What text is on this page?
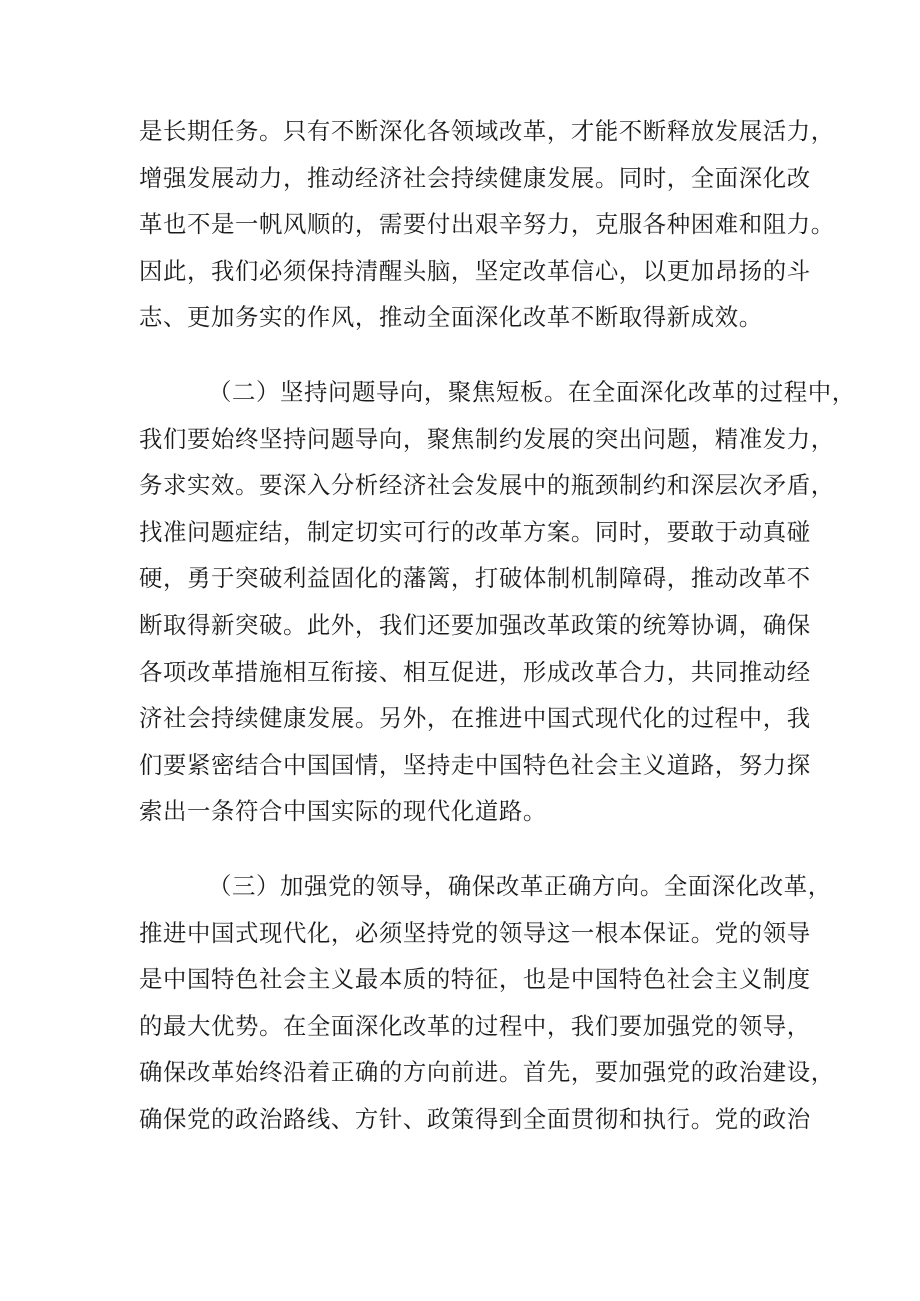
是长期任务。只有不断深化各领域改革，才能不断释放发展活力，
增强发展动力，推动经济社会持续健康发展。同时，全面深化改
革也不是一帆风顺的，需要付出艰辛努力，克服各种困难和阻力。
因此，我们必须保持清醒头脑，坚定改革信心，以更加昂扬的斗
志、更加务实的作风，推动全面深化改革不断取得新成效。

（二）坚持问题导向，聚焦短板。在全面深化改革的过程中，
我们要始终坚持问题导向，聚焦制约发展的突出问题，精准发力，
务求实效。要深入分析经济社会发展中的瓶颈制约和深层次矛盾，
找准问题症结，制定切实可行的改革方案。同时，要敢于动真碰
硬，勇于突破利益固化的藩篱，打破体制机制障碍，推动改革不
断取得新突破。此外，我们还要加强改革政策的统筹协调，确保
各项改革措施相互衔接、相互促进，形成改革合力，共同推动经
济社会持续健康发展。另外，在推进中国式现代化的过程中，我
们要紧密结合中国国情，坚持走中国特色社会主义道路，努力探
索出一条符合中国实际的现代化道路。

（三）加强党的领导，确保改革正确方向。全面深化改革，
推进中国式现代化，必须坚持党的领导这一根本保证。党的领导
是中国特色社会主义最本质的特征，也是中国特色社会主义制度
的最大优势。在全面深化改革的过程中，我们要加强党的领导，
确保改革始终沿着正确的方向前进。首先，要加强党的政治建设，
确保党的政治路线、方针、政策得到全面贯彻和执行。党的政治
